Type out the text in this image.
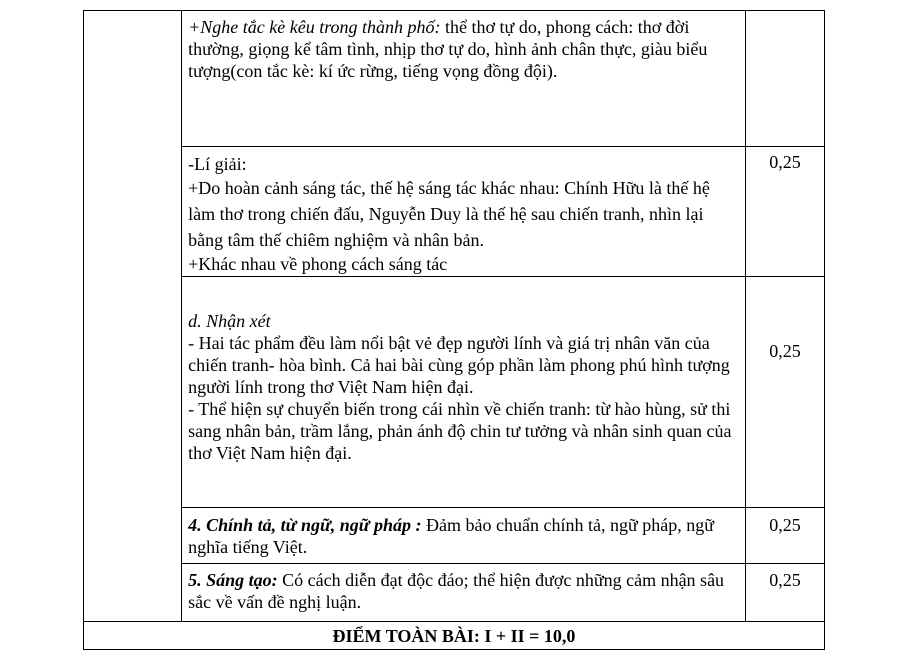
	+Nghe tắc kè kêu trong thành phố: thể thơ tự do, phong cách: thơ đời thường, giọng kể tâm tình, nhịp thơ tự do, hình ảnh chân thực, giàu biểu tượng(con tắc kè: kí ức rừng, tiếng vọng đồng đội).	

	-Lí giải:
+Do hoàn cảnh sáng tác, thế hệ sáng tác khác nhau: Chính Hữu là thế hệ làm thơ trong chiến đấu, Nguyễn Duy là thế hệ sau chiến tranh, nhìn lại bằng tâm thế chiêm nghiệm và nhân bản.
+Khác nhau về phong cách sáng tác	0,25

	d. Nhận xét
- Hai tác phẩm đều làm nổi bật vẻ đẹp người lính và giá trị nhân văn của chiến tranh- hòa bình. Cả hai bài cùng góp phần làm phong phú hình tượng người lính trong thơ Việt Nam hiện đại.
- Thể hiện sự chuyển biến trong cái nhìn về chiến tranh: từ hào hùng, sử thi sang nhân bản, trầm lắng, phản ánh độ chin tư tưởng và nhân sinh quan của thơ Việt Nam hiện đại.	0,25
	4. Chính tả, từ ngữ, ngữ pháp : Đảm bảo chuẩn chính tả, ngữ pháp, ngữ nghĩa tiếng Việt.	0,25
	5. Sáng tạo: Có cách diễn đạt độc đáo; thể hiện được những cảm nhận sâu sắc về vấn đề nghị luận.	0,25
ĐIỂM TOÀN BÀI: I + II = 10,0		
